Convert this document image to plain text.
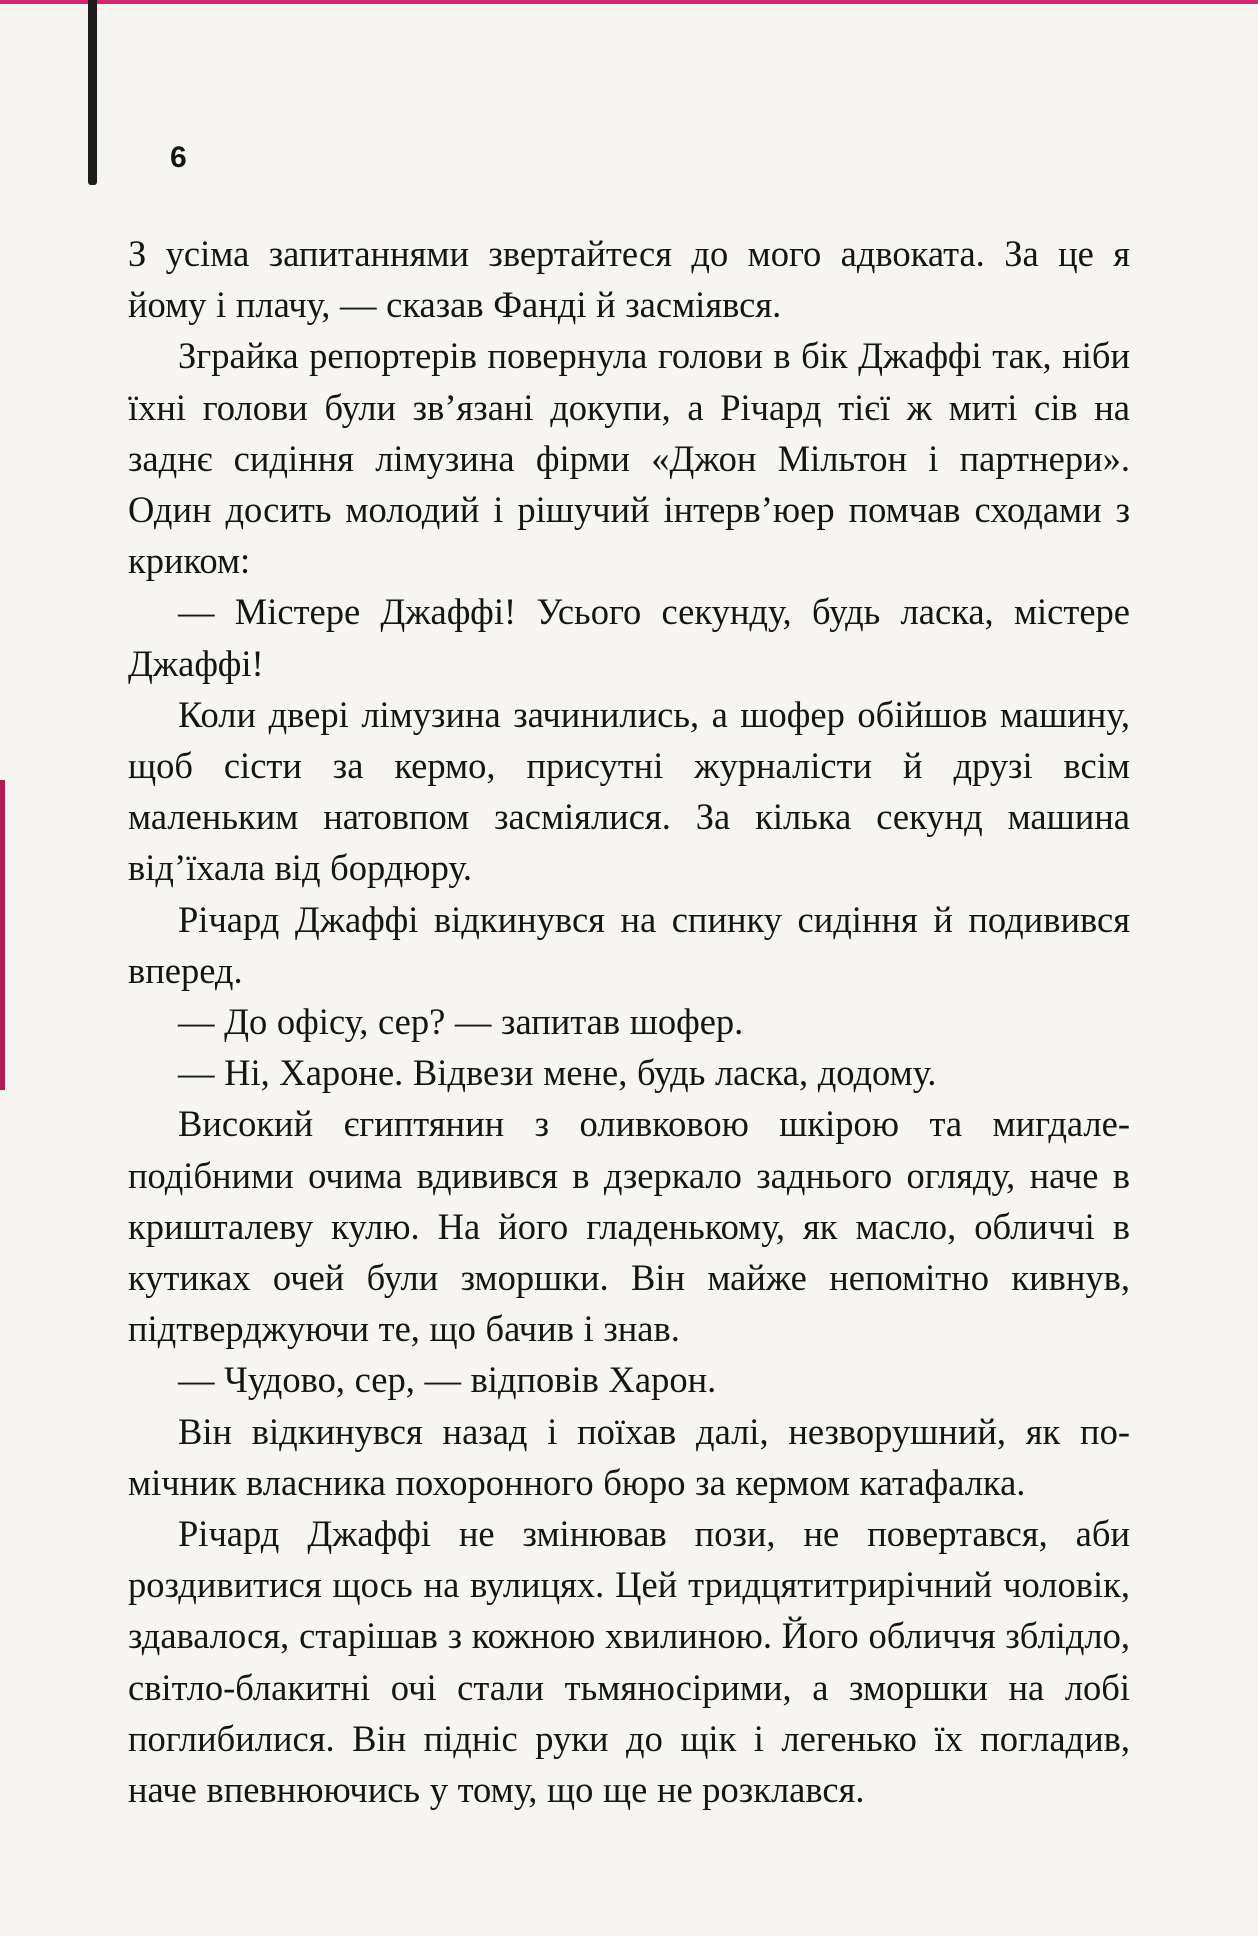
6

З усіма запитаннями звертайтеся до мого адвоката. За це я йому і плачу, — сказав Фанді й засміявся.

Зграйка репортерів повернула голови в бік Джаффі так, ніби їхні голови були зв’язані докупи, а Річард тієї ж миті сів на заднє сидіння лімузина фірми «Джон Мільтон і партнери». Один досить молодий і рішучий інтерв’юер помчав сходами з криком:

— Містере Джаффі! Усього секунду, будь ласка, містере Джаффі!

Коли двері лімузина зачинились, а шофер обійшов машину, щоб сісти за кермо, присутні журналісти й друзі всім маленьким натовпом засміялися. За кілька секунд машина від’їхала від бордюру.

Річард Джаффі відкинувся на спинку сидіння й подивився вперед.

— До офісу, сер? — запитав шофер.

— Ні, Хароне. Відвези мене, будь ласка, додому.

Високий єгиптянин з оливковою шкірою та мигдалеподібними очима вдивився в дзеркало заднього огляду, наче в кришталеву кулю. На його гладенькому, як масло, обличчі в кутиках очей були зморшки. Він майже непомітно кивнув, підтверджуючи те, що бачив і знав.

— Чудово, сер, — відповів Харон.

Він відкинувся назад і поїхав далі, незворушний, як помічник власника похоронного бюро за кермом катафалка.

Річард Джаффі не змінював пози, не повертався, аби роздивитися щось на вулицях. Цей тридцятитрирічний чоловік, здавалося, старішав з кожною хвилиною. Його обличчя зблідло, світло-блакитні очі стали тьмяносірими, а зморшки на лобі поглибилися. Він підніс руки до щік і легенько їх погладив, наче впевнюючись у тому, що ще не розклався.
